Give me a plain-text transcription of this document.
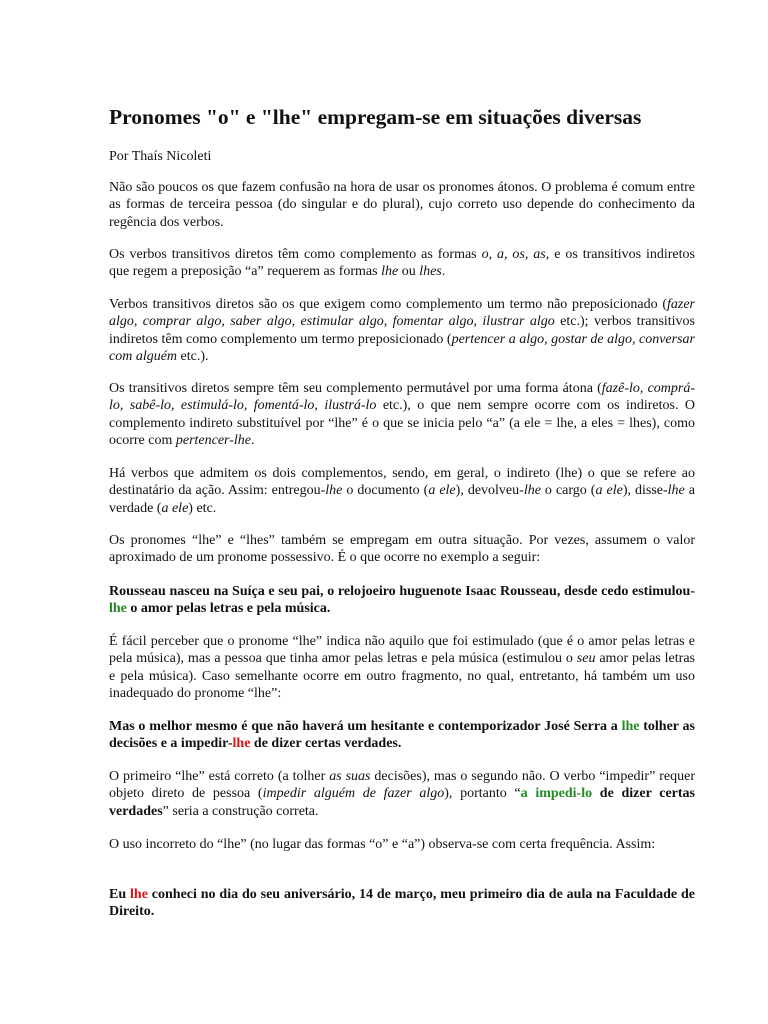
Pronomes "o" e "lhe" empregam-se em situações diversas

Por Thaís Nicoleti

Não são poucos os que fazem confusão na hora de usar os pronomes átonos. O problema é comum entre as formas de terceira pessoa (do singular e do plural), cujo correto uso depende do conhecimento da regência dos verbos.

Os verbos transitivos diretos têm como complemento as formas o, a, os, as, e os transitivos indiretos que regem a preposição “a” requerem as formas lhe ou lhes.

Verbos transitivos diretos são os que exigem como complemento um termo não preposicionado (fazer algo, comprar algo, saber algo, estimular algo, fomentar algo, ilustrar algo etc.); verbos transitivos indiretos têm como complemento um termo preposicionado (pertencer a algo, gostar de algo, conversar com alguém etc.).

Os transitivos diretos sempre têm seu complemento permutável por uma forma átona (fazê-lo, comprá-lo, sabê-lo, estimulá-lo, fomentá-lo, ilustrá-lo etc.), o que nem sempre ocorre com os indiretos. O complemento indireto substituível por “lhe” é o que se inicia pelo “a” (a ele = lhe, a eles = lhes), como ocorre com pertencer-lhe.

Há verbos que admitem os dois complementos, sendo, em geral, o indireto (lhe) o que se refere ao destinatário da ação. Assim: entregou-lhe o documento (a ele), devolveu-lhe o cargo (a ele), disse-lhe a verdade (a ele) etc.

Os pronomes “lhe” e “lhes” também se empregam em outra situação. Por vezes, assumem o valor aproximado de um pronome possessivo. É o que ocorre no exemplo a seguir:

Rousseau nasceu na Suíça e seu pai, o relojoeiro huguenote Isaac Rousseau, desde cedo estimulou-lhe o amor pelas letras e pela música.

É fácil perceber que o pronome “lhe” indica não aquilo que foi estimulado (que é o amor pelas letras e pela música), mas a pessoa que tinha amor pelas letras e pela música (estimulou o seu amor pelas letras e pela música). Caso semelhante ocorre em outro fragmento, no qual, entretanto, há também um uso inadequado do pronome “lhe”:

Mas o melhor mesmo é que não haverá um hesitante e contemporizador José Serra a lhe tolher as decisões e a impedir-lhe de dizer certas verdades.

O primeiro “lhe” está correto (a tolher as suas decisões), mas o segundo não. O verbo “impedir” requer objeto direto de pessoa (impedir alguém de fazer algo), portanto “a impedi-lo de dizer certas verdades” seria a construção correta.

O uso incorreto do “lhe” (no lugar das formas “o” e “a”) observa-se com certa frequência. Assim:

Eu lhe conheci no dia do seu aniversário, 14 de março, meu primeiro dia de aula na Faculdade de Direito.
